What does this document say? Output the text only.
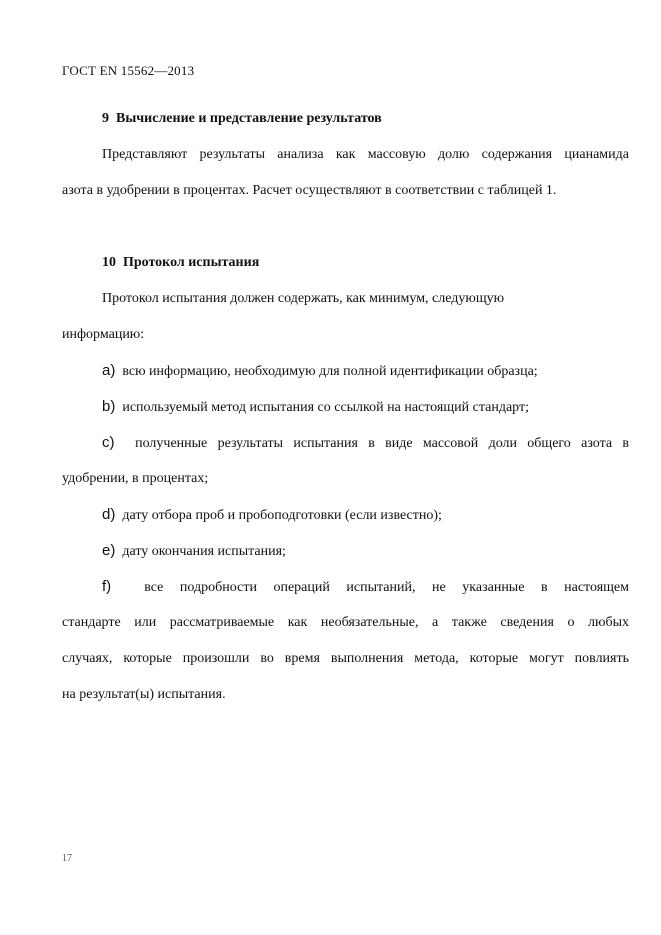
ГОСТ EN 15562—2013

9 Вычисление и представление результатов

Представляют результаты анализа как массовую долю содержания цианамида

азота в удобрении в процентах. Расчет осуществляют в соответствии с таблицей 1.

10 Протокол испытания

Протокол испытания должен содержать, как минимум, следующую

информацию:

a) всю информацию, необходимую для полной идентификации образца;

b) используемый метод испытания со ссылкой на настоящий стандарт;

c) полученные результаты испытания в виде массовой доли общего азота в

удобрении, в процентах;

d) дату отбора проб и пробоподготовки (если известно);

e) дату окончания испытания;

f) все подробности операций испытаний, не указанные в настоящем

стандарте или рассматриваемые как необязательные, а также сведения о любых

случаях, которые произошли во время выполнения метода, которые могут повлиять

на результат(ы) испытания.

17
